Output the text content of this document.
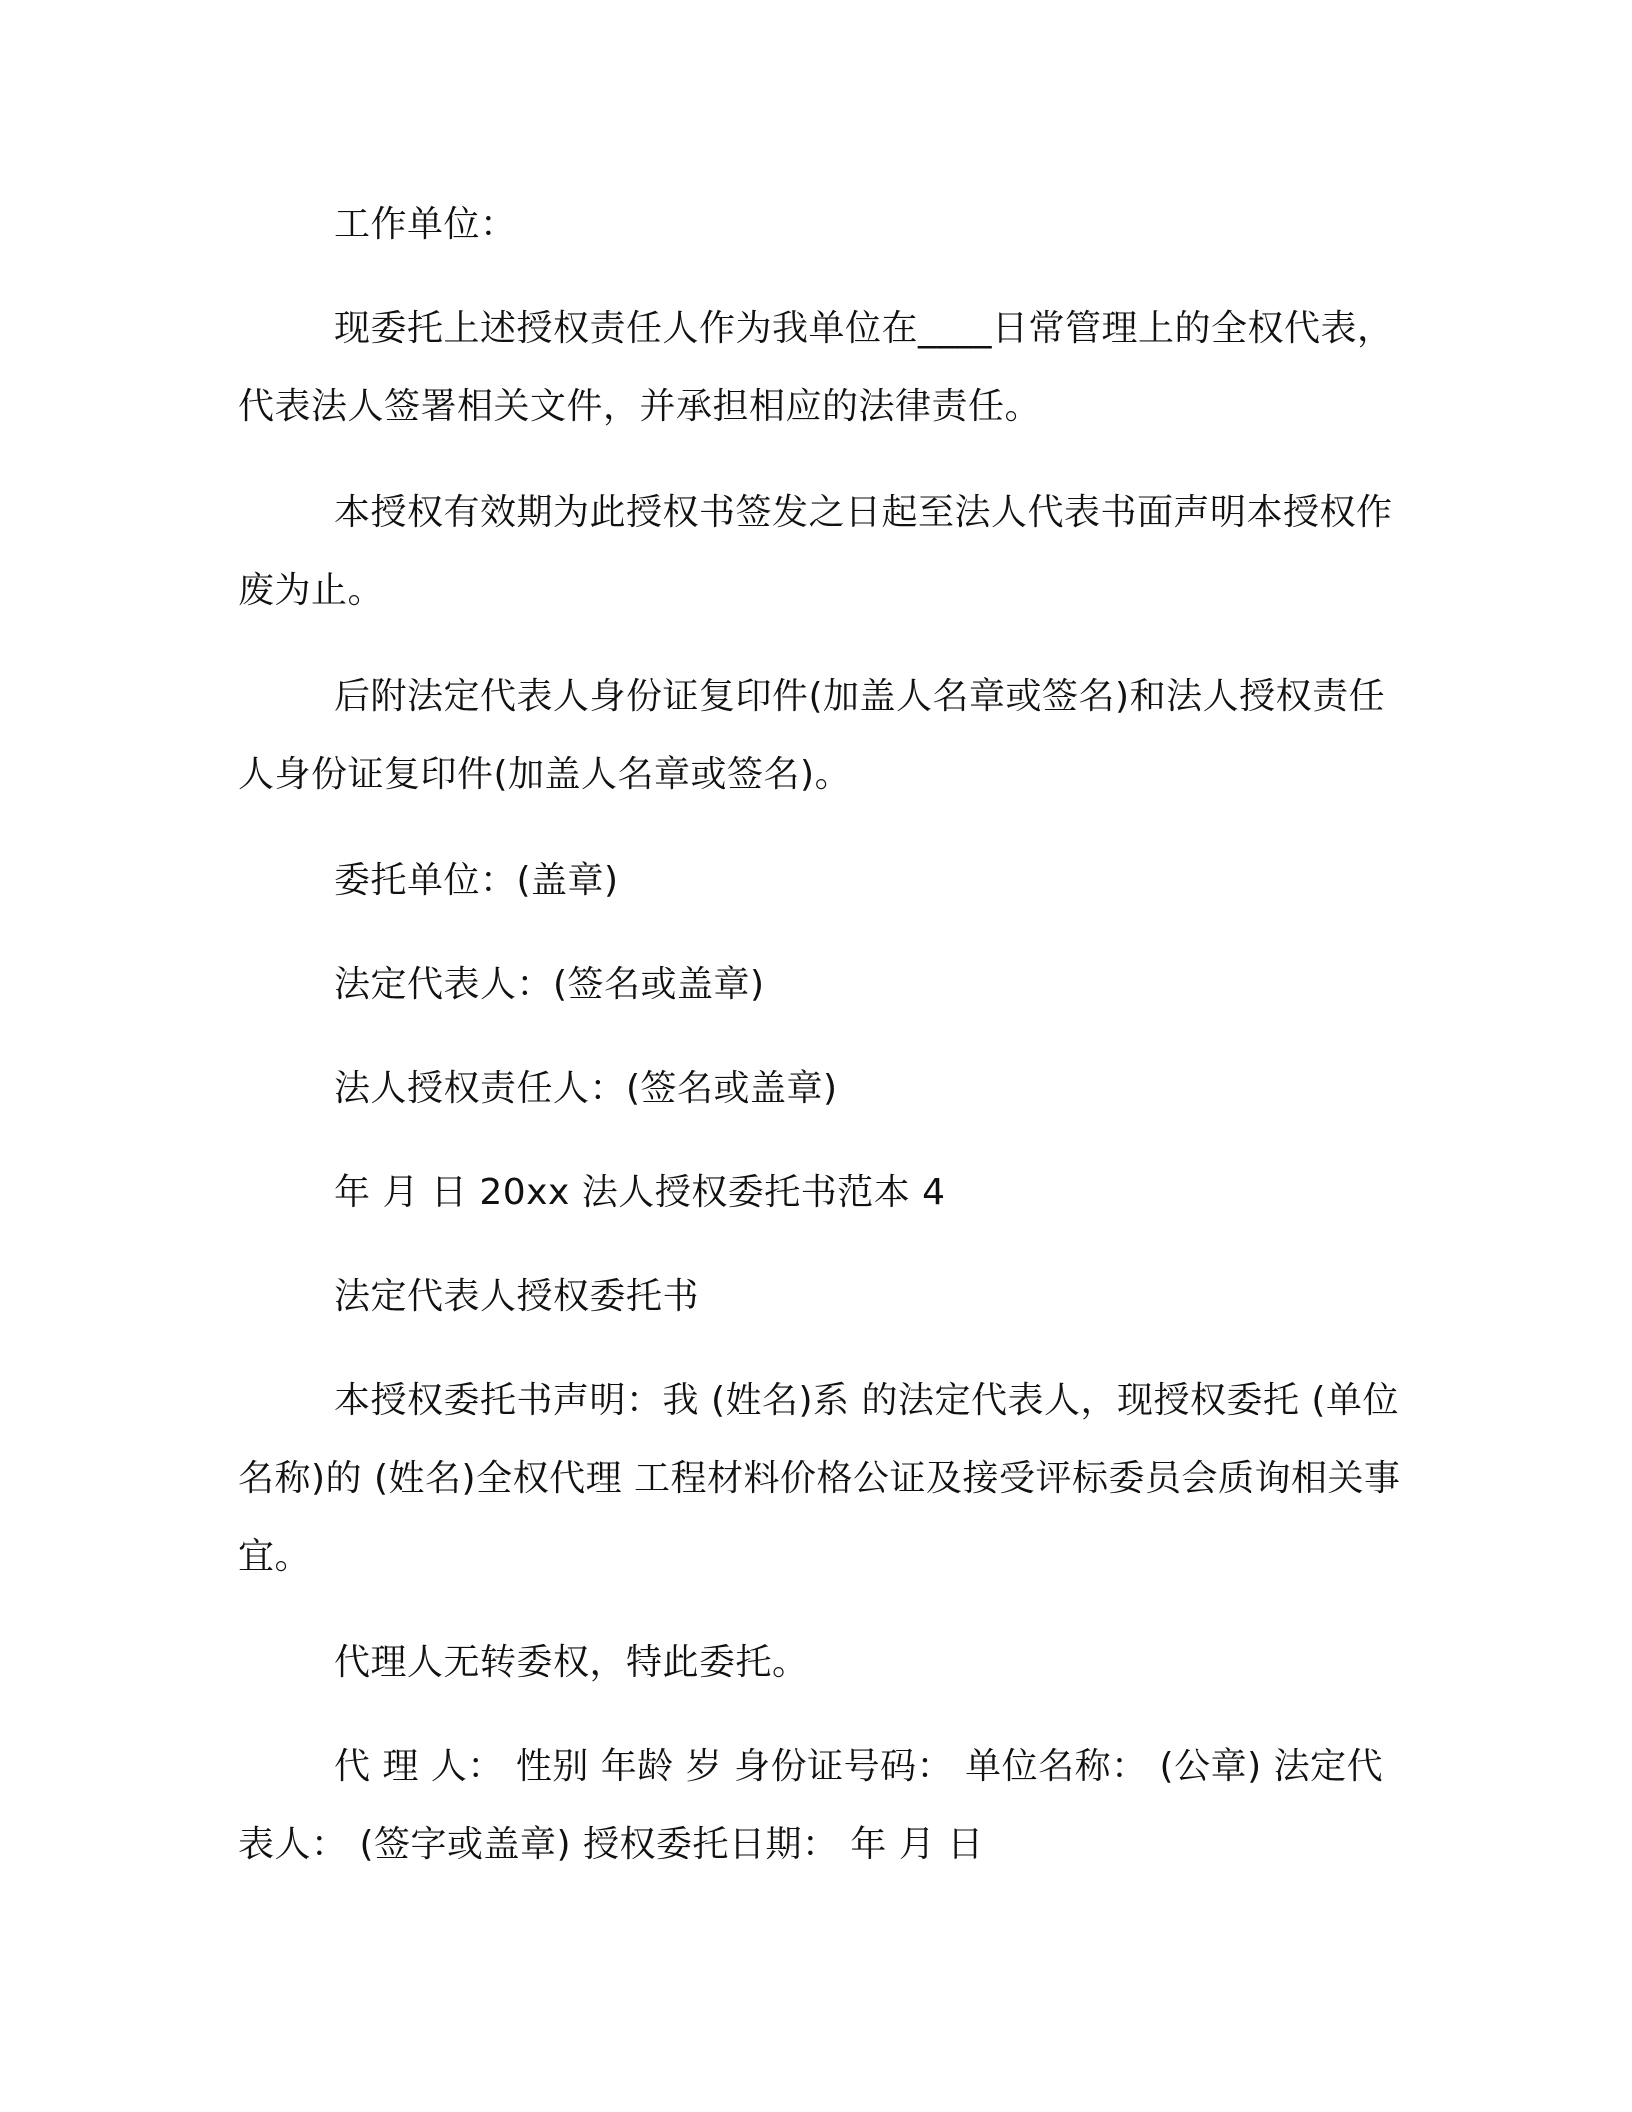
工作单位：

现委托上述授权责任人作为我单位在____日常管理上的全权代表，代表法人签署相关文件，并承担相应的法律责任。

本授权有效期为此授权书签发之日起至法人代表书面声明本授权作废为止。

后附法定代表人身份证复印件(加盖人名章或签名)和法人授权责任人身份证复印件(加盖人名章或签名)。

委托单位：(盖章)

法定代表人：(签名或盖章)

法人授权责任人：(签名或盖章)

年 月 日 20xx 法人授权委托书范本 4

法定代表人授权委托书

本授权委托书声明：我 (姓名)系 的法定代表人，现授权委托 (单位名称)的 (姓名)全权代理 工程材料价格公证及接受评标委员会质询相关事宜。

代理人无转委权，特此委托。

代 理 人： 性别 年龄 岁 身份证号码： 单位名称： (公章) 法定代表人： (签字或盖章) 授权委托日期： 年 月 日
